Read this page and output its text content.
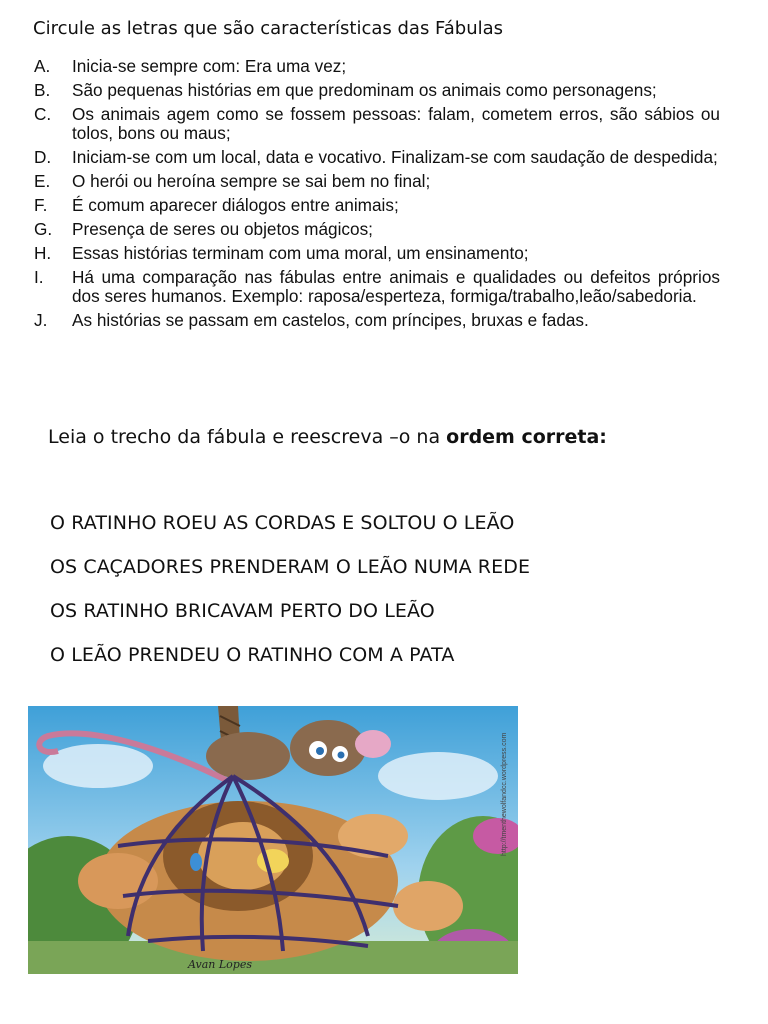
Circule as letras que são características das Fábulas
A. Inicia-se sempre com: Era uma vez;
B. São pequenas histórias em que predominam os animais como personagens;
C. Os animais agem como se fossem pessoas: falam, cometem erros, são sábios ou tolos, bons ou maus;
D. Iniciam-se com um local, data e vocativo. Finalizam-se com saudação de despedida;
E. O herói ou heroína sempre se sai bem no final;
F. É comum aparecer diálogos entre animais;
G. Presença de seres ou objetos mágicos;
H. Essas histórias terminam com uma moral, um ensinamento;
I. Há uma comparação nas fábulas entre animais e qualidades ou defeitos próprios dos seres humanos. Exemplo: raposa/esperteza, formiga/trabalho,leão/sabedoria.
J. As histórias se passam em castelos, com príncipes, bruxas e fadas.
Leia o trecho da fábula e reescreva –o na ordem correta:
O RATINHO ROEU AS CORDAS E SOLTOU O LEÃO
OS CAÇADORES PRENDERAM O LEÃO NUMA REDE
OS RATINHO BRICAVAM PERTO DO LEÃO
O LEÃO PRENDEU O RATINHO COM A PATA
http://tmenthewolfandcc.wordpress.com
Avan Lopes
